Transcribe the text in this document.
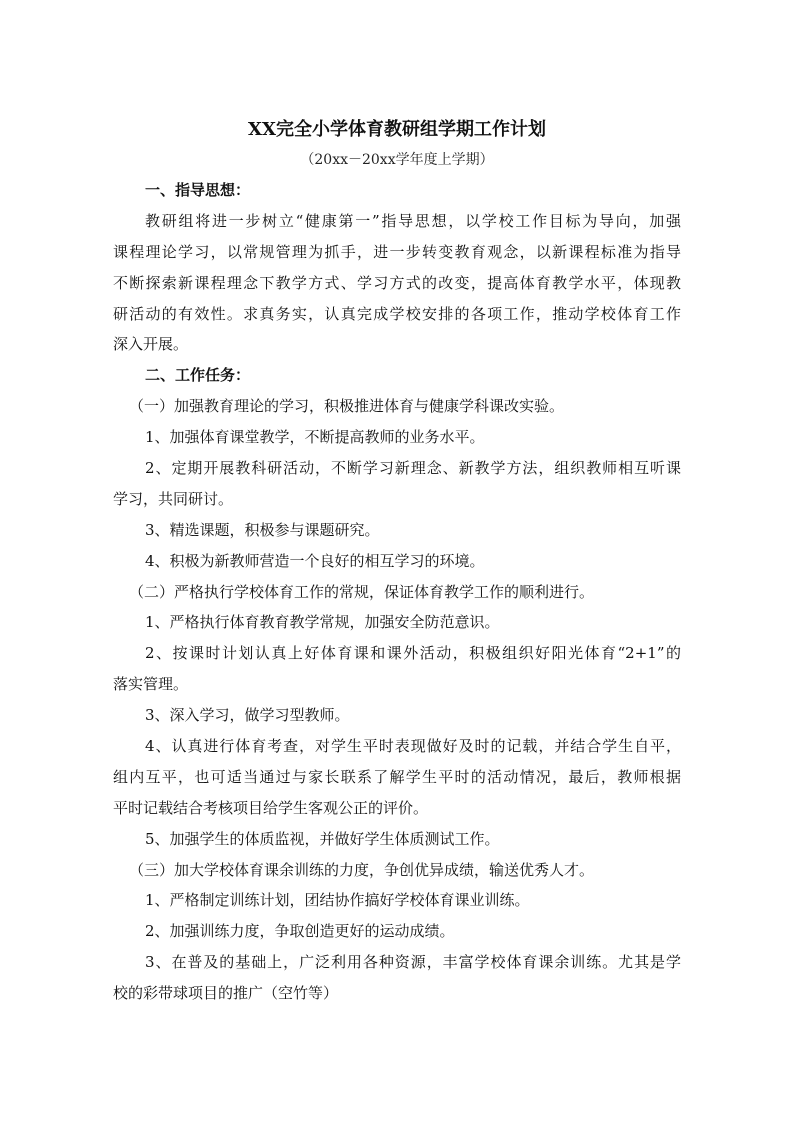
XX完全小学体育教研组学期工作计划
（20xx－20xx学年度上学期）
一、指导思想：
教研组将进一步树立“健康第一”指导思想，以学校工作目标为导向，加强
课程理论学习，以常规管理为抓手，进一步转变教育观念，以新课程标准为指导
不断探索新课程理念下教学方式、学习方式的改变，提高体育教学水平，体现教
研活动的有效性。求真务实，认真完成学校安排的各项工作，推动学校体育工作
深入开展。
二、工作任务：
（一）加强教育理论的学习，积极推进体育与健康学科课改实验。
1、加强体育课堂教学，不断提高教师的业务水平。
2、定期开展教科研活动，不断学习新理念、新教学方法，组织教师相互听课
学习，共同研讨。
3、精选课题，积极参与课题研究。
4、积极为新教师营造一个良好的相互学习的环境。
（二）严格执行学校体育工作的常规，保证体育教学工作的顺利进行。
1、严格执行体育教育教学常规，加强安全防范意识。
2、按课时计划认真上好体育课和课外活动，积极组织好阳光体育“2+1”的
落实管理。
3、深入学习，做学习型教师。
4、认真进行体育考查，对学生平时表现做好及时的记载，并结合学生自平，
组内互平，也可适当通过与家长联系了解学生平时的活动情况，最后，教师根据
平时记载结合考核项目给学生客观公正的评价。
5、加强学生的体质监视，并做好学生体质测试工作。
（三）加大学校体育课余训练的力度，争创优异成绩，输送优秀人才。
1、严格制定训练计划，团结协作搞好学校体育课业训练。
2、加强训练力度，争取创造更好的运动成绩。
3、在普及的基础上，广泛利用各种资源，丰富学校体育课余训练。尤其是学
校的彩带球项目的推广（空竹等）
